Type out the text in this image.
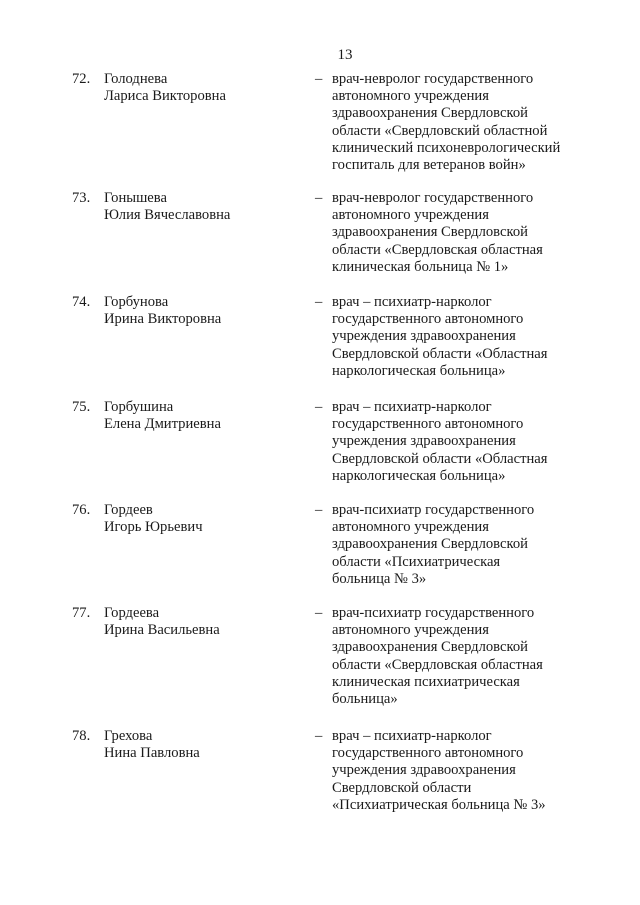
13
72. Голоднева
Лариса Викторовна
– врач-невролог государственного
автономного учреждения
здравоохранения Свердловской
области «Свердловский областной
клинический психоневрологический
госпиталь для ветеранов войн»
73. Гонышева
Юлия Вячеславовна
– врач-невролог государственного
автономного учреждения
здравоохранения Свердловской
области «Свердловская областная
клиническая больница № 1»
74. Горбунова
Ирина Викторовна
– врач – психиатр-нарколог
государственного автономного
учреждения здравоохранения
Свердловской области «Областная
наркологическая больница»
75. Горбушина
Елена Дмитриевна
– врач – психиатр-нарколог
государственного автономного
учреждения здравоохранения
Свердловской области «Областная
наркологическая больница»
76. Гордеев
Игорь Юрьевич
– врач-психиатр государственного
автономного учреждения
здравоохранения Свердловской
области «Психиатрическая
больница № 3»
77. Гордеева
Ирина Васильевна
– врач-психиатр государственного
автономного учреждения
здравоохранения Свердловской
области «Свердловская областная
клиническая психиатрическая
больница»
78. Грехова
Нина Павловна
– врач – психиатр-нарколог
государственного автономного
учреждения здравоохранения
Свердловской области
«Психиатрическая больница № 3»
